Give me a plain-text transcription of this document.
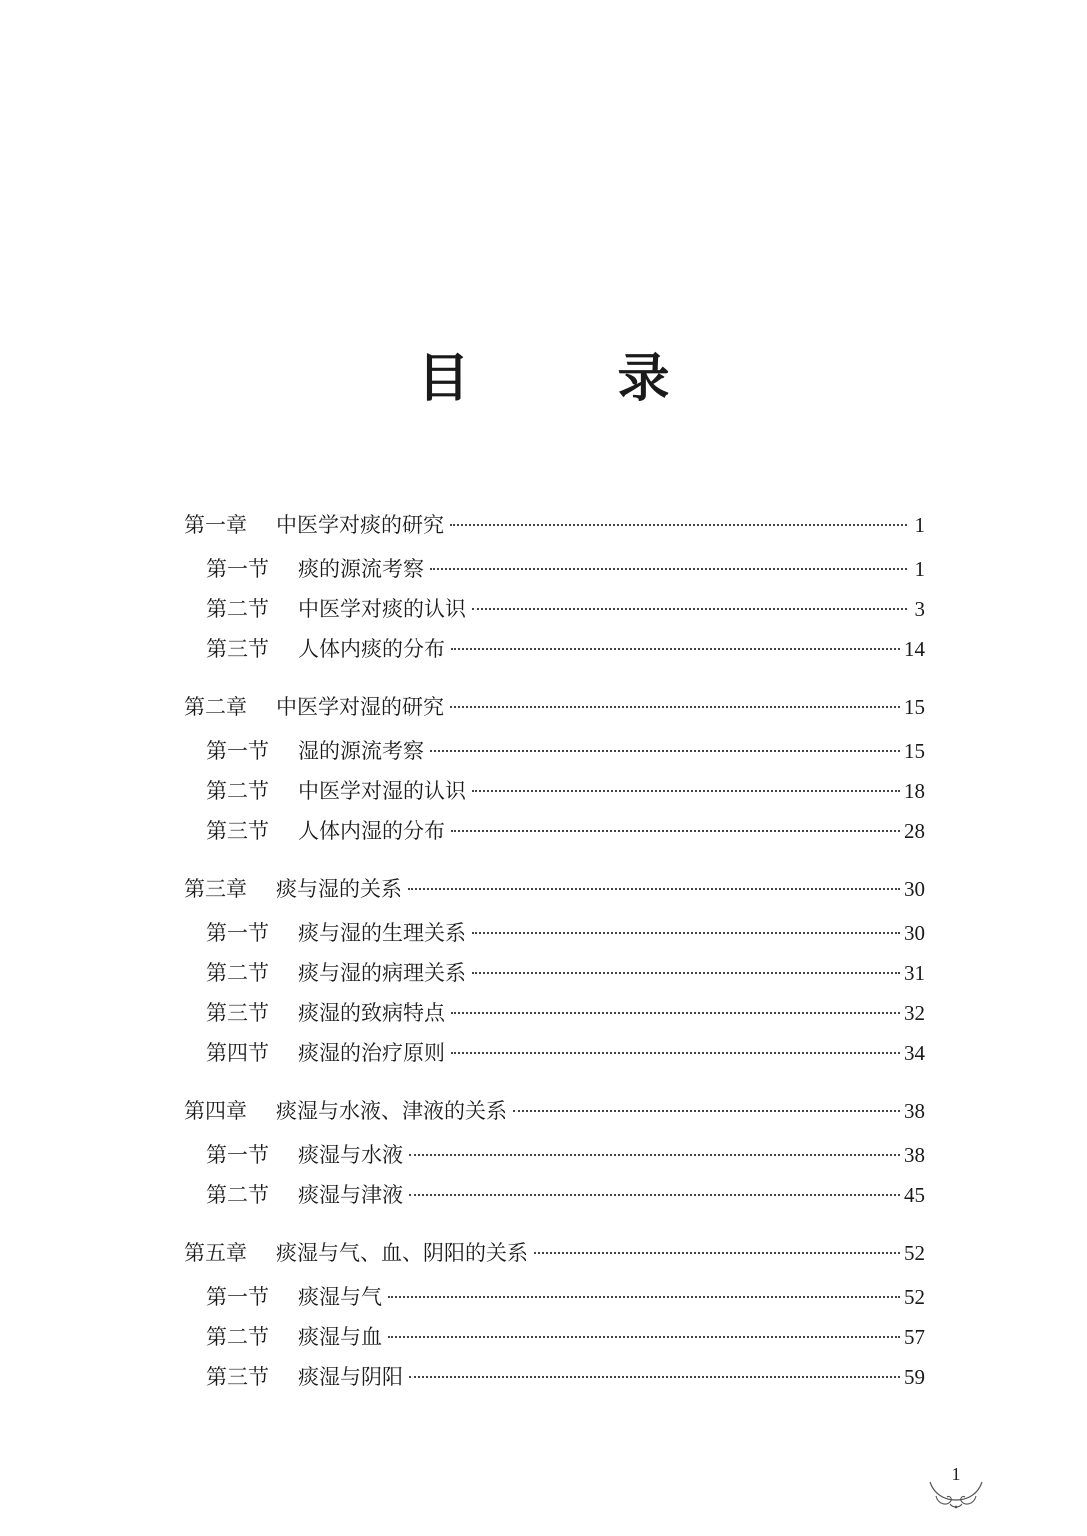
目　录
第一章	中医学对痰的研究	1
第一节	痰的源流考察	1
第二节	中医学对痰的认识	3
第三节	人体内痰的分布	14
第二章	中医学对湿的研究	15
第一节	湿的源流考察	15
第二节	中医学对湿的认识	18
第三节	人体内湿的分布	28
第三章	痰与湿的关系	30
第一节	痰与湿的生理关系	30
第二节	痰与湿的病理关系	31
第三节	痰湿的致病特点	32
第四节	痰湿的治疗原则	34
第四章	痰湿与水液、津液的关系	38
第一节	痰湿与水液	38
第二节	痰湿与津液	45
第五章	痰湿与气、血、阴阳的关系	52
第一节	痰湿与气	52
第二节	痰湿与血	57
第三节	痰湿与阴阳	59
1
